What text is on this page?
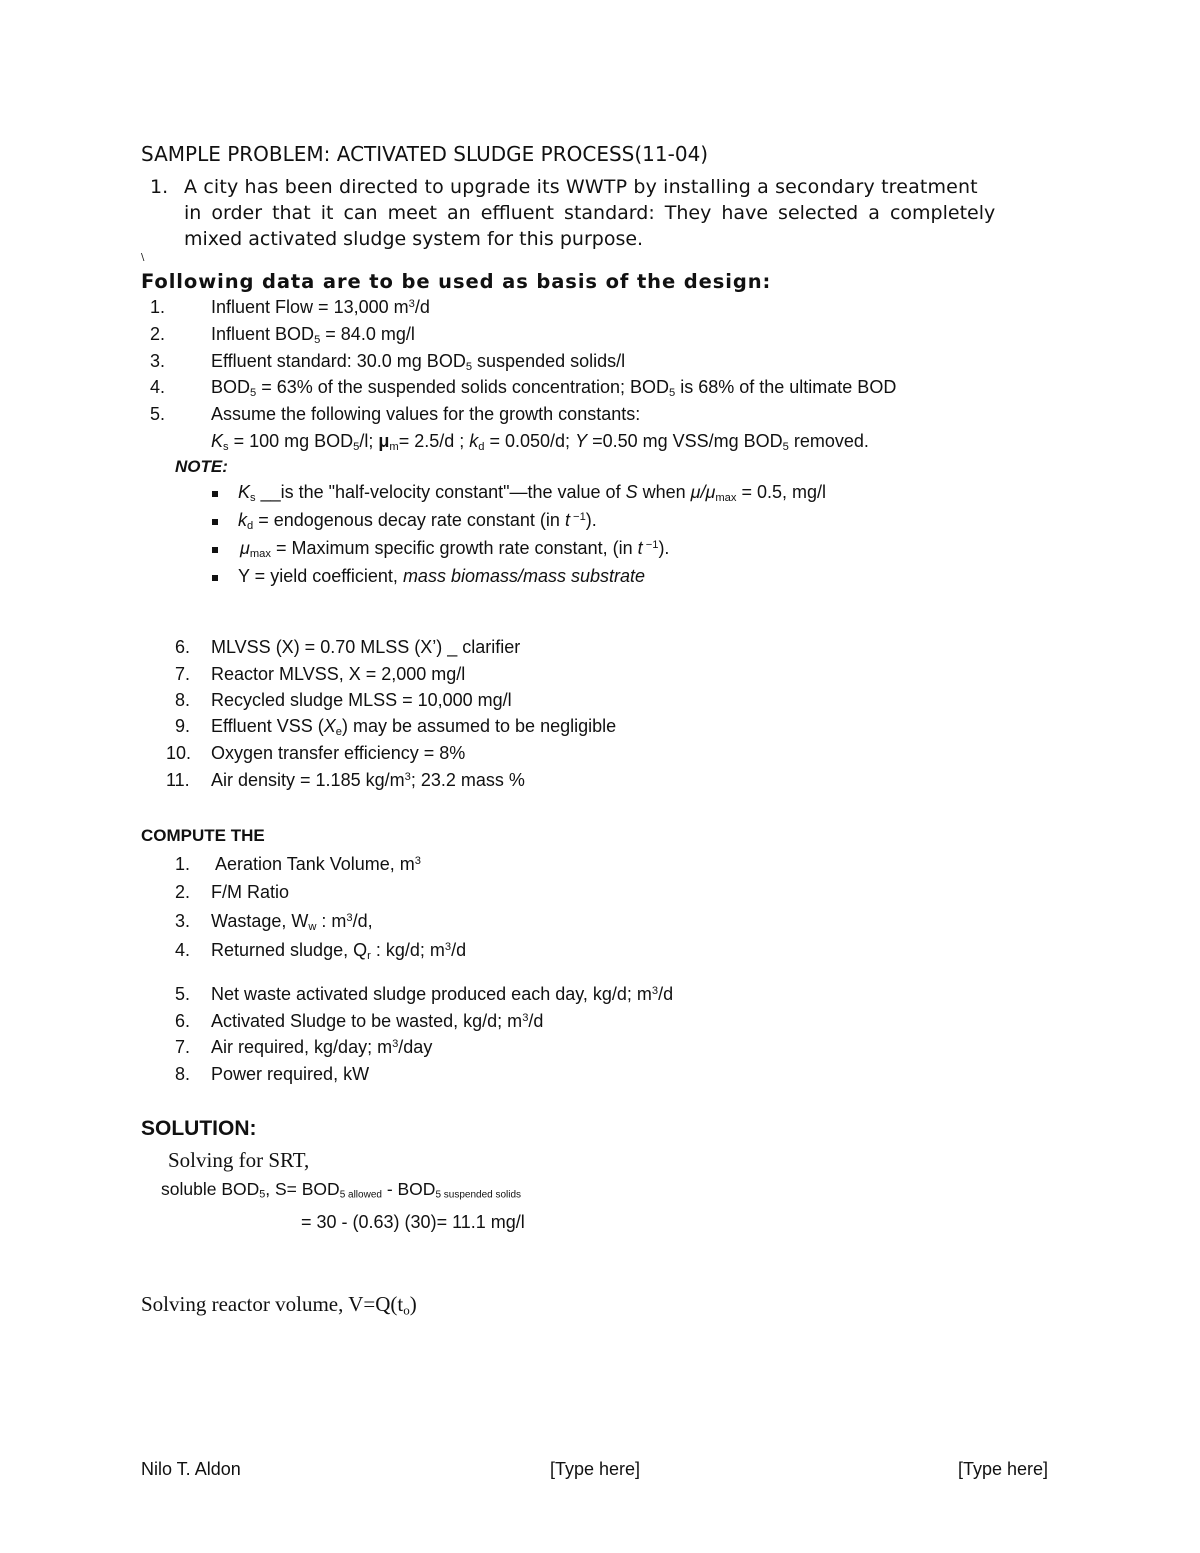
SAMPLE PROBLEM: ACTIVATED SLUDGE PROCESS(11-04)
1. A city has been directed to upgrade its WWTP by installing a secondary treatment
in order that it can meet an effluent standard: They have selected a completely
mixed activated sludge system for this purpose.
\
Following data are to be used as basis of the design:
1.	Influent Flow = 13,000 $m^3/d$
2.	Influent $BOD_5 = 84.0$ mg/l
3.	Effluent standard: 30.0 mg $BOD_5$ suspended solids/l
4.	$BOD_5 = 63\%$ of the suspended solids concentration; $BOD_5$ is 68% of the ultimate BOD
5.	Assume the following values for the growth constants:
$K_s = 100$ mg $BOD_5/l$; $\mu_m= 2.5/d$ ; $k_d = 0.050/d$; Y =0.50 mg VSS/mg $BOD_5$ removed.
NOTE:
$K_s$ __is the "half-velocity constant"—the value of S when $\mu/\mu_{max} = 0.5$, mg/l
$k_d$ = endogenous decay rate constant (in t $^{-1}$).
$\mu_{max}$ = Maximum specific growth rate constant, (in t $^{-1}$).
Y = yield coefficient, mass biomass/mass substrate
6. MLVSS (X) = 0.70 MLSS (X’) _ clarifier
7. Reactor MLVSS, X = 2,000 mg/l
8. Recycled sludge MLSS = 10,000 mg/l
9. Effluent VSS $(X_e)$ may be assumed to be negligible
10. Oxygen transfer efficiency = 8%
11. Air density = 1.185 $kg/m^3$; 23.2 mass %
COMPUTE THE
1. Aeration Tank Volume, $m^3$
2. F/M Ratio
3. Wastage, $W_w$ : $m^3/d$,
4. Returned sludge, $Q_r$ : kg/d; $m^3/d$
5. Net waste activated sludge produced each day, kg/d; $m^3/d$
6. Activated Sludge to be wasted, kg/d; $m^3/d$
7. Air required, kg/day; $m^3$/day
8. Power required, kW
SOLUTION:
Solving for SRT,
soluble $BOD_5$, $S= BOD_{5 allowed} - BOD_{5 suspended solids}$
= 30 - (0.63) (30)= 11.1 mg/l
Solving reactor volume, $V=Q(t_o)$
Nilo T. Aldon	[Type here]	[Type here]
